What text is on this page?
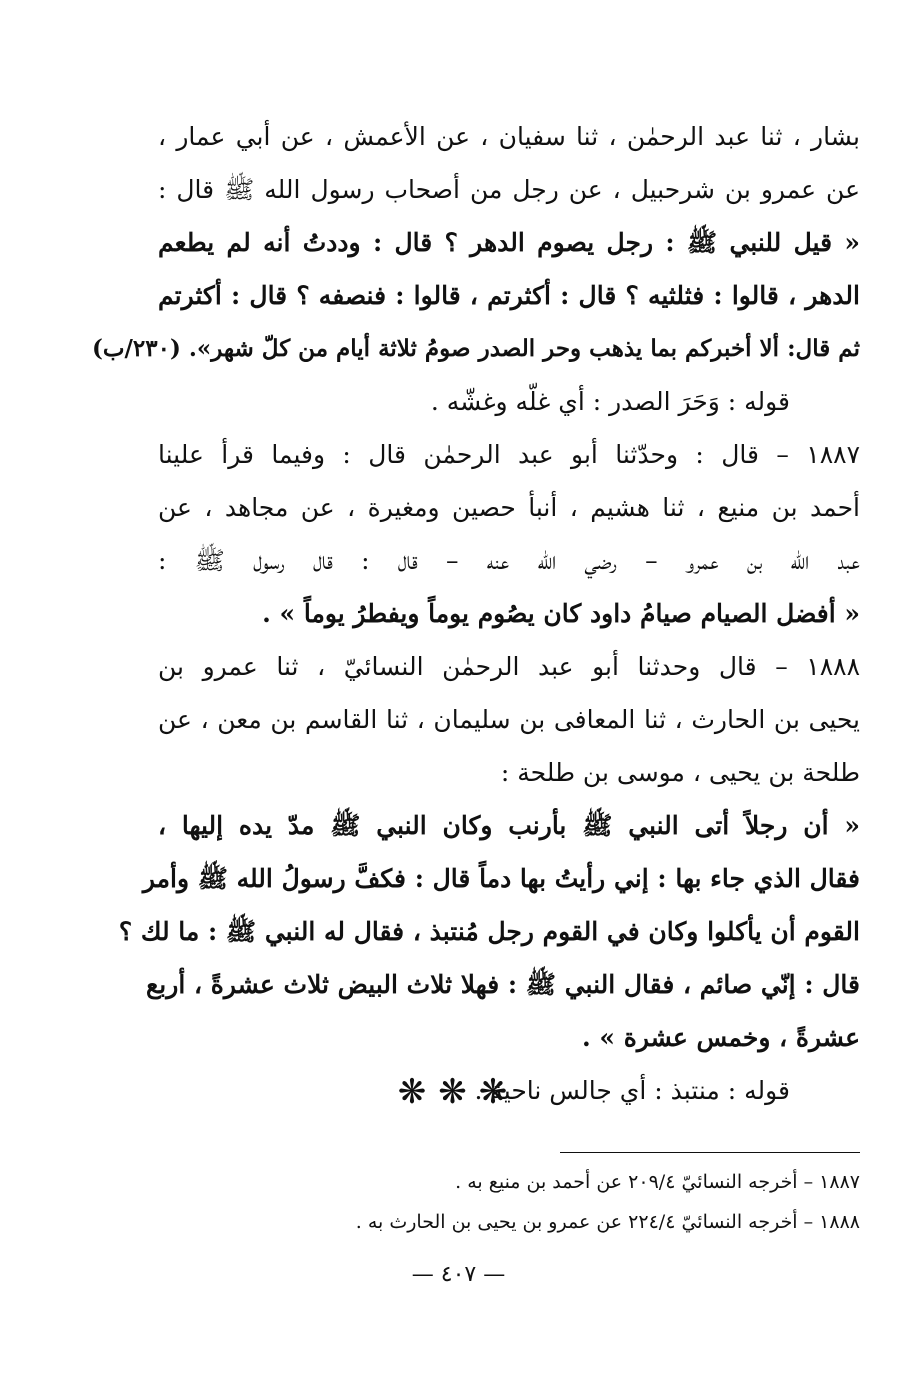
بشار ، ثنا عبد الرحمٰن ، ثنا سفيان ، عن الأعمش ، عن أبي عمار ،
عن عمرو بن شرحبيل ، عن رجل من أصحاب رسول الله ﷺ قال :
« قيل للنبي ﷺ : رجل يصوم الدهر ؟ قال : وددتُ أنه لم يطعم
الدهر ، قالوا : فثلثيه ؟ قال : أكثرتم ، قالوا : فنصفه ؟ قال : أكثرتم
ثم قال: ألا أخبركم بما يذهب وحر الصدر صومُ ثلاثة أيام من كلّ شهر». (٢٣٠/ب)
قوله : وَحَرَ الصدر : أي غلّه وغشّه .
١٨٨٧ – قال : وحدّثنا أبو عبد الرحمٰن قال : وفيما قرأ علينا
أحمد بن منيع ، ثنا هشيم ، أنبأ حصين ومغيرة ، عن مجاهد ، عن
عبد الله بن عمرو – رضي الله عنه – قال : قال رسول ﷺ :
« أفضل الصيام صيامُ داود كان يصُوم يوماً ويفطرُ يوماً » .
١٨٨٨ – قال وحدثنا أبو عبد الرحمٰن النسائيّ ، ثنا عمرو بن
يحيى بن الحارث ، ثنا المعافى بن سليمان ، ثنا القاسم بن معن ، عن
طلحة بن يحيى ، موسى بن طلحة :
« أن رجلاً أتى النبي ﷺ بأرنب وكان النبي ﷺ مدّ يده إليها ،
فقال الذي جاء بها : إني رأيتُ بها دماً قال : فكفَّ رسولُ الله ﷺ وأمر
القوم أن يأكلوا وكان في القوم رجل مُنتبذ ، فقال له النبي ﷺ : ما لك ؟
قال : إنّي صائم ، فقال النبي ﷺ : فهلا ثلاث البيض ثلاث عشرةً ، أربع
عشرةً ، وخمس عشرة » .
قوله : منتبذ : أي جالس ناحية .
❋❋❋
١٨٨٧ – أخرجه النسائيّ ٢٠٩/٤ عن أحمد بن منيع به .
١٨٨٨ – أخرجه النسائيّ ٢٢٤/٤ عن عمرو بن يحيى بن الحارث به .
— ٤٠٧ —
